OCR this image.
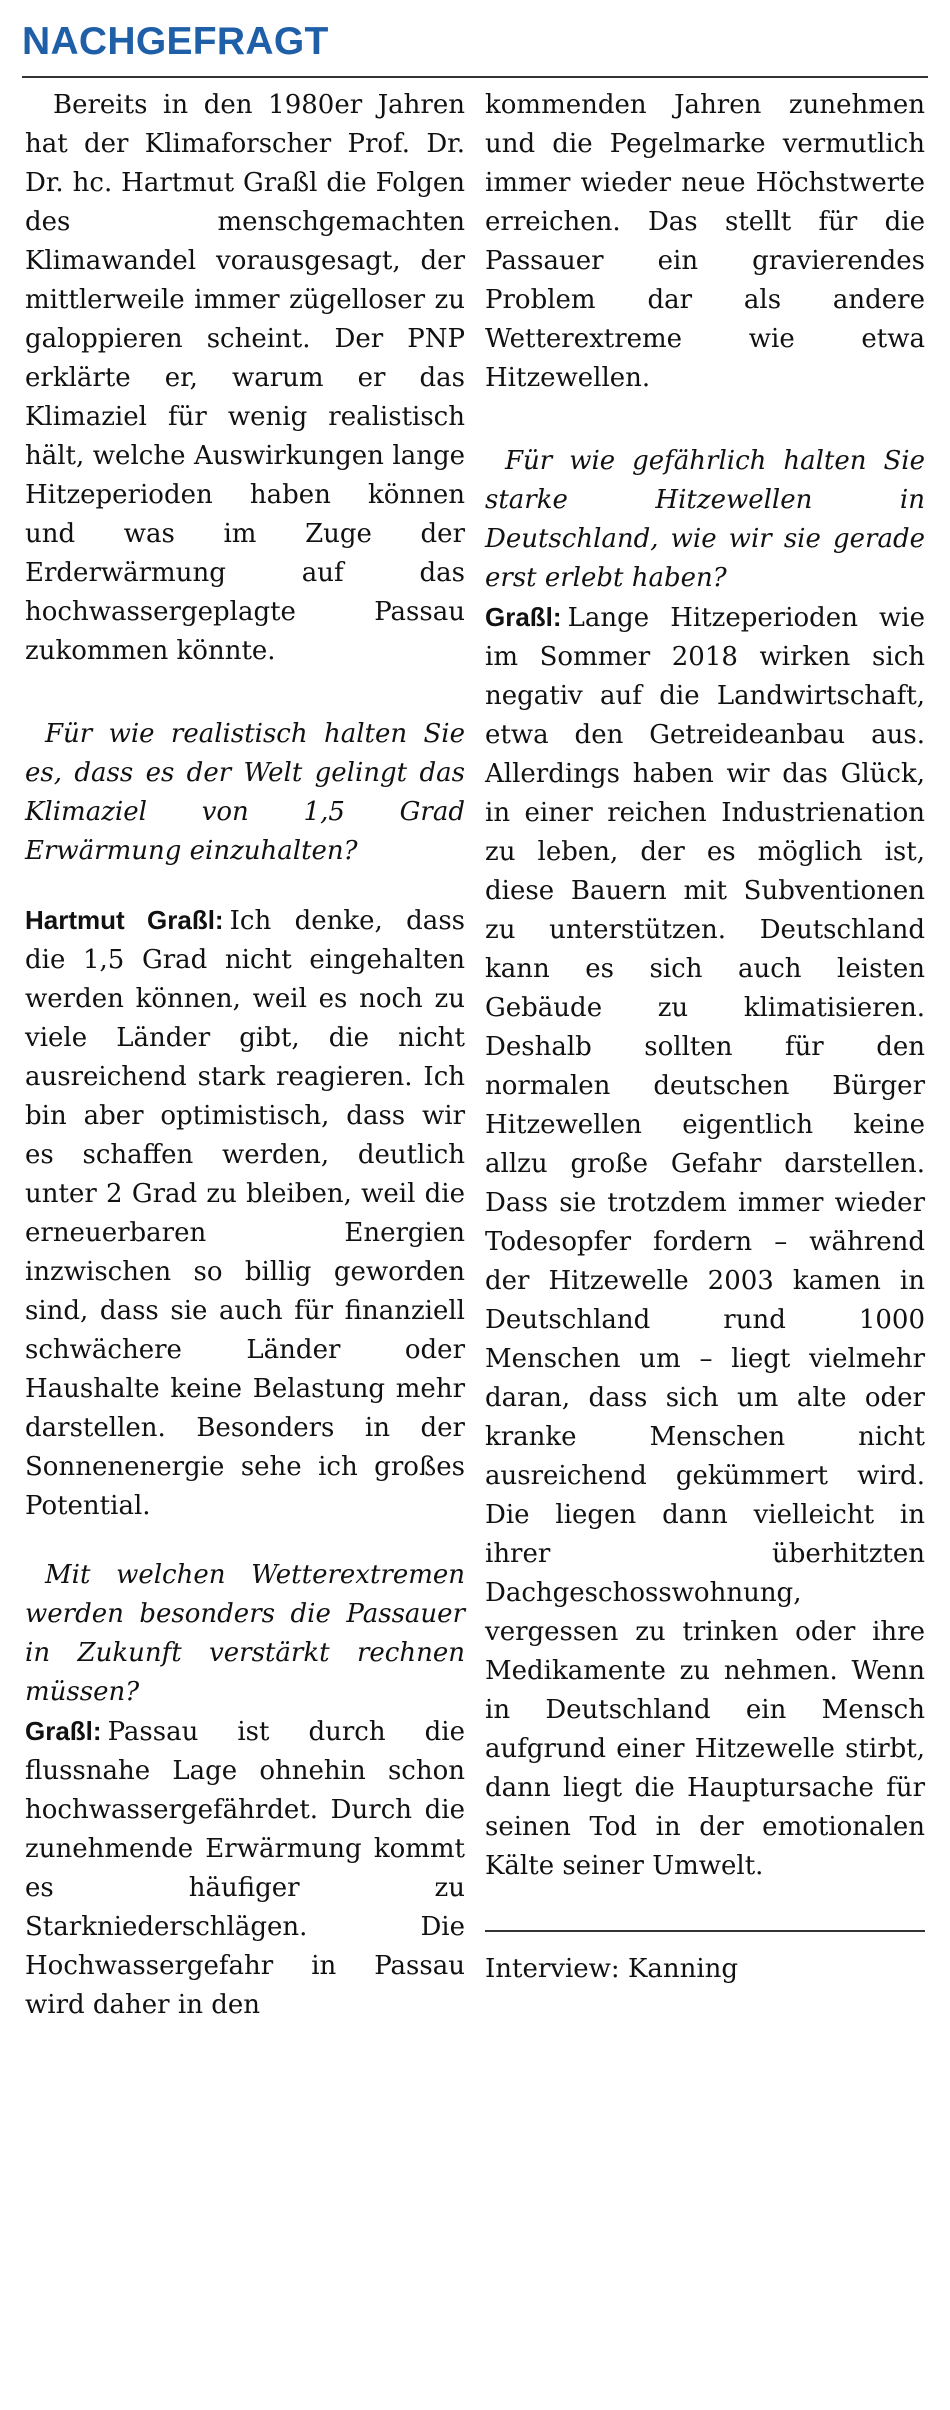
NACHGEFRAGT

Bereits in den 1980er Jahren hat der Klimaforscher Prof. Dr. Dr. hc. Hartmut Graßl die Folgen des menschgemachten Klimawandel vorausgesagt, der mittlerweile immer zügelloser zu galoppieren scheint. Der PNP erklärte er, warum er das Klimaziel für wenig realistisch hält, welche Auswirkungen lange Hitzeperioden haben können und was im Zuge der Erderwärmung auf das hochwassergeplagte Passau zukommen könnte.

Für wie realistisch halten Sie es, dass es der Welt gelingt das Klimaziel von 1,5 Grad Erwärmung einzuhalten?

Hartmut Graßl: Ich denke, dass die 1,5 Grad nicht eingehalten werden können, weil es noch zu viele Länder gibt, die nicht ausreichend stark reagieren. Ich bin aber optimistisch, dass wir es schaffen werden, deutlich unter 2 Grad zu bleiben, weil die erneuerbaren Energien inzwischen so billig geworden sind, dass sie auch für finanziell schwächere Länder oder Haushalte keine Belastung mehr darstellen. Besonders in der Sonnenenergie sehe ich großes Potential.

Mit welchen Wetterextremen werden besonders die Passauer in Zukunft verstärkt rechnen müssen?

Graßl: Passau ist durch die flussnahe Lage ohnehin schon hochwassergefährdet. Durch die zunehmende Erwärmung kommt es häufiger zu Starkniederschlägen. Die Hochwassergefahr in Passau wird daher in den

kommenden Jahren zunehmen und die Pegelmarke vermutlich immer wieder neue Höchstwerte erreichen. Das stellt für die Passauer ein gravierendes Problem dar als andere Wetterextreme wie etwa Hitzewellen.

Für wie gefährlich halten Sie starke Hitzewellen in Deutschland, wie wir sie gerade erst erlebt haben?

Graßl: Lange Hitzeperioden wie im Sommer 2018 wirken sich negativ auf die Landwirtschaft, etwa den Getreideanbau aus. Allerdings haben wir das Glück, in einer reichen Industrienation zu leben, der es möglich ist, diese Bauern mit Subventionen zu unterstützen. Deutschland kann es sich auch leisten Gebäude zu klimatisieren. Deshalb sollten für den normalen deutschen Bürger Hitzewellen eigentlich keine allzu große Gefahr darstellen. Dass sie trotzdem immer wieder Todesopfer fordern – während der Hitzewelle 2003 kamen in Deutschland rund 1000 Menschen um – liegt vielmehr daran, dass sich um alte oder kranke Menschen nicht ausreichend gekümmert wird. Die liegen dann vielleicht in ihrer überhitzten Dachgeschosswohnung, vergessen zu trinken oder ihre Medikamente zu nehmen. Wenn in Deutschland ein Mensch aufgrund einer Hitzewelle stirbt, dann liegt die Hauptursache für seinen Tod in der emotionalen Kälte seiner Umwelt.

Interview: Kanning
